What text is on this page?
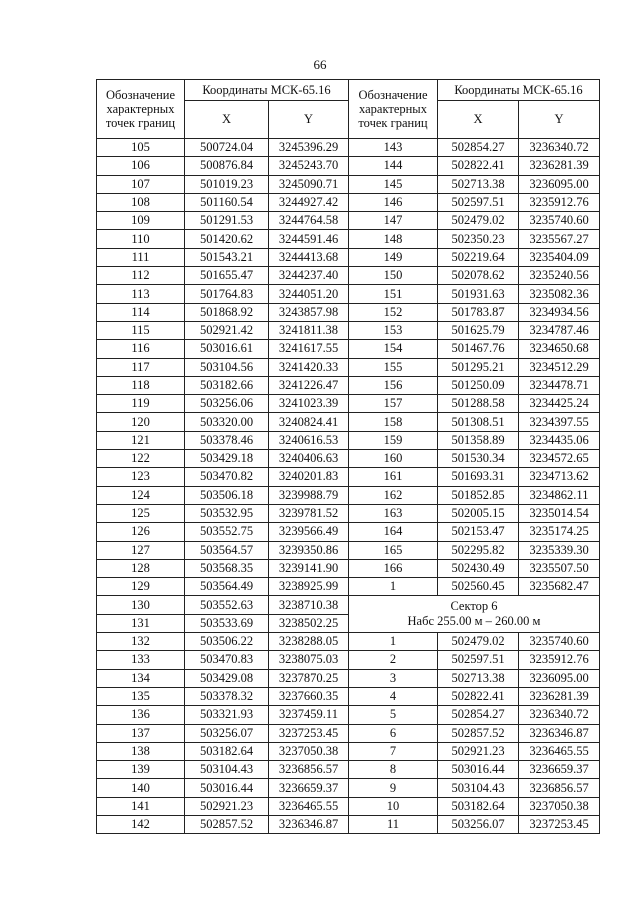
66
Обозначение
характерных
точек границ	Координаты МСК-65.16	
	X	Y
105	500724.04	3245396.29
106	500876.84	3245243.70
107	501019.23	3245090.71
108	501160.54	3244927.42
109	501291.53	3244764.58
110	501420.62	3244591.46
111	501543.21	3244413.68
112	501655.47	3244237.40
113	501764.83	3244051.20
114	501868.92	3243857.98
115	502921.42	3241811.38
116	503016.61	3241617.55
117	503104.56	3241420.33
118	503182.66	3241226.47
119	503256.06	3241023.39
120	503320.00	3240824.41
121	503378.46	3240616.53
122	503429.18	3240406.63
123	503470.82	3240201.83
124	503506.18	3239988.79
125	503532.95	3239781.52
126	503552.75	3239566.49
127	503564.57	3239350.86
128	503568.35	3239141.90
129	503564.49	3238925.99
130	503552.63	3238710.38
131	503533.69	3238502.25
132	503506.22	3238288.05
133	503470.83	3238075.03
134	503429.08	3237870.25
135	503378.32	3237660.35
136	503321.93	3237459.11
137	503256.07	3237253.45
138	503182.64	3237050.38
139	503104.43	3236856.57
140	503016.44	3236659.37
141	502921.23	3236465.55
142	502857.52	3236346.87
Обозначение
характерных
точек границ	Координаты МСК-65.16	
	X	Y
143	502854.27	3236340.72
144	502822.41	3236281.39
145	502713.38	3236095.00
146	502597.51	3235912.76
147	502479.02	3235740.60
148	502350.23	3235567.27
149	502219.64	3235404.09
150	502078.62	3235240.56
151	501931.63	3235082.36
152	501783.87	3234934.56
153	501625.79	3234787.46
154	501467.76	3234650.68
155	501295.21	3234512.29
156	501250.09	3234478.71
157	501288.58	3234425.24
158	501308.51	3234397.55
159	501358.89	3234435.06
160	501530.34	3234572.65
161	501693.31	3234713.62
162	501852.85	3234862.11
163	502005.15	3235014.54
164	502153.47	3235174.25
165	502295.82	3235339.30
166	502430.49	3235507.50
1	502560.45	3235682.47
Сектор 6
Набс 255.00 м – 260.00 м		
1	502479.02	3235740.60
2	502597.51	3235912.76
3	502713.38	3236095.00
4	502822.41	3236281.39
5	502854.27	3236340.72
6	502857.52	3236346.87
7	502921.23	3236465.55
8	503016.44	3236659.37
9	503104.43	3236856.57
10	503182.64	3237050.38
11	503256.07	3237253.45
